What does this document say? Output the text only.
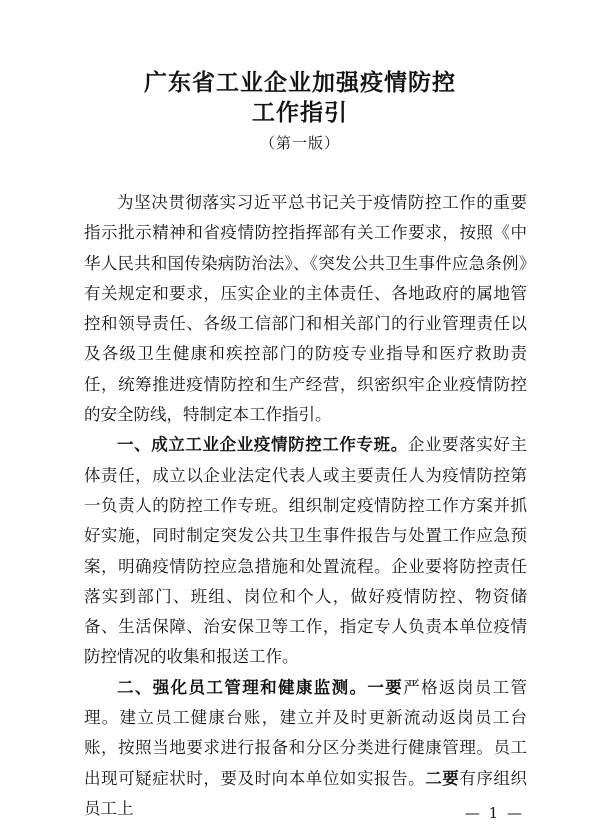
广东省工业企业加强疫情防控
工作指引
（第一版）

为坚决贯彻落实习近平总书记关于疫情防控工作的重要指示批示精神和省疫情防控指挥部有关工作要求，按照《中华人民共和国传染病防治法》、《突发公共卫生事件应急条例》有关规定和要求，压实企业的主体责任、各地政府的属地管控和领导责任、各级工信部门和相关部门的行业管理责任以及各级卫生健康和疾控部门的防疫专业指导和医疗救助责任，统筹推进疫情防控和生产经营，织密织牢企业疫情防控的安全防线，特制定本工作指引。

一、成立工业企业疫情防控工作专班。企业要落实好主体责任，成立以企业法定代表人或主要责任人为疫情防控第一负责人的防控工作专班。组织制定疫情防控工作方案并抓好实施，同时制定突发公共卫生事件报告与处置工作应急预案，明确疫情防控应急措施和处置流程。企业要将防控责任落实到部门、班组、岗位和个人，做好疫情防控、物资储备、生活保障、治安保卫等工作，指定专人负责本单位疫情防控情况的收集和报送工作。

二、强化员工管理和健康监测。一要严格返岗员工管理。建立员工健康台账，建立并及时更新流动返岗员工台账，按照当地要求进行报备和分区分类进行健康管理。员工出现可疑症状时，要及时向本单位如实报告。二要有序组织员工上	— 1 —
